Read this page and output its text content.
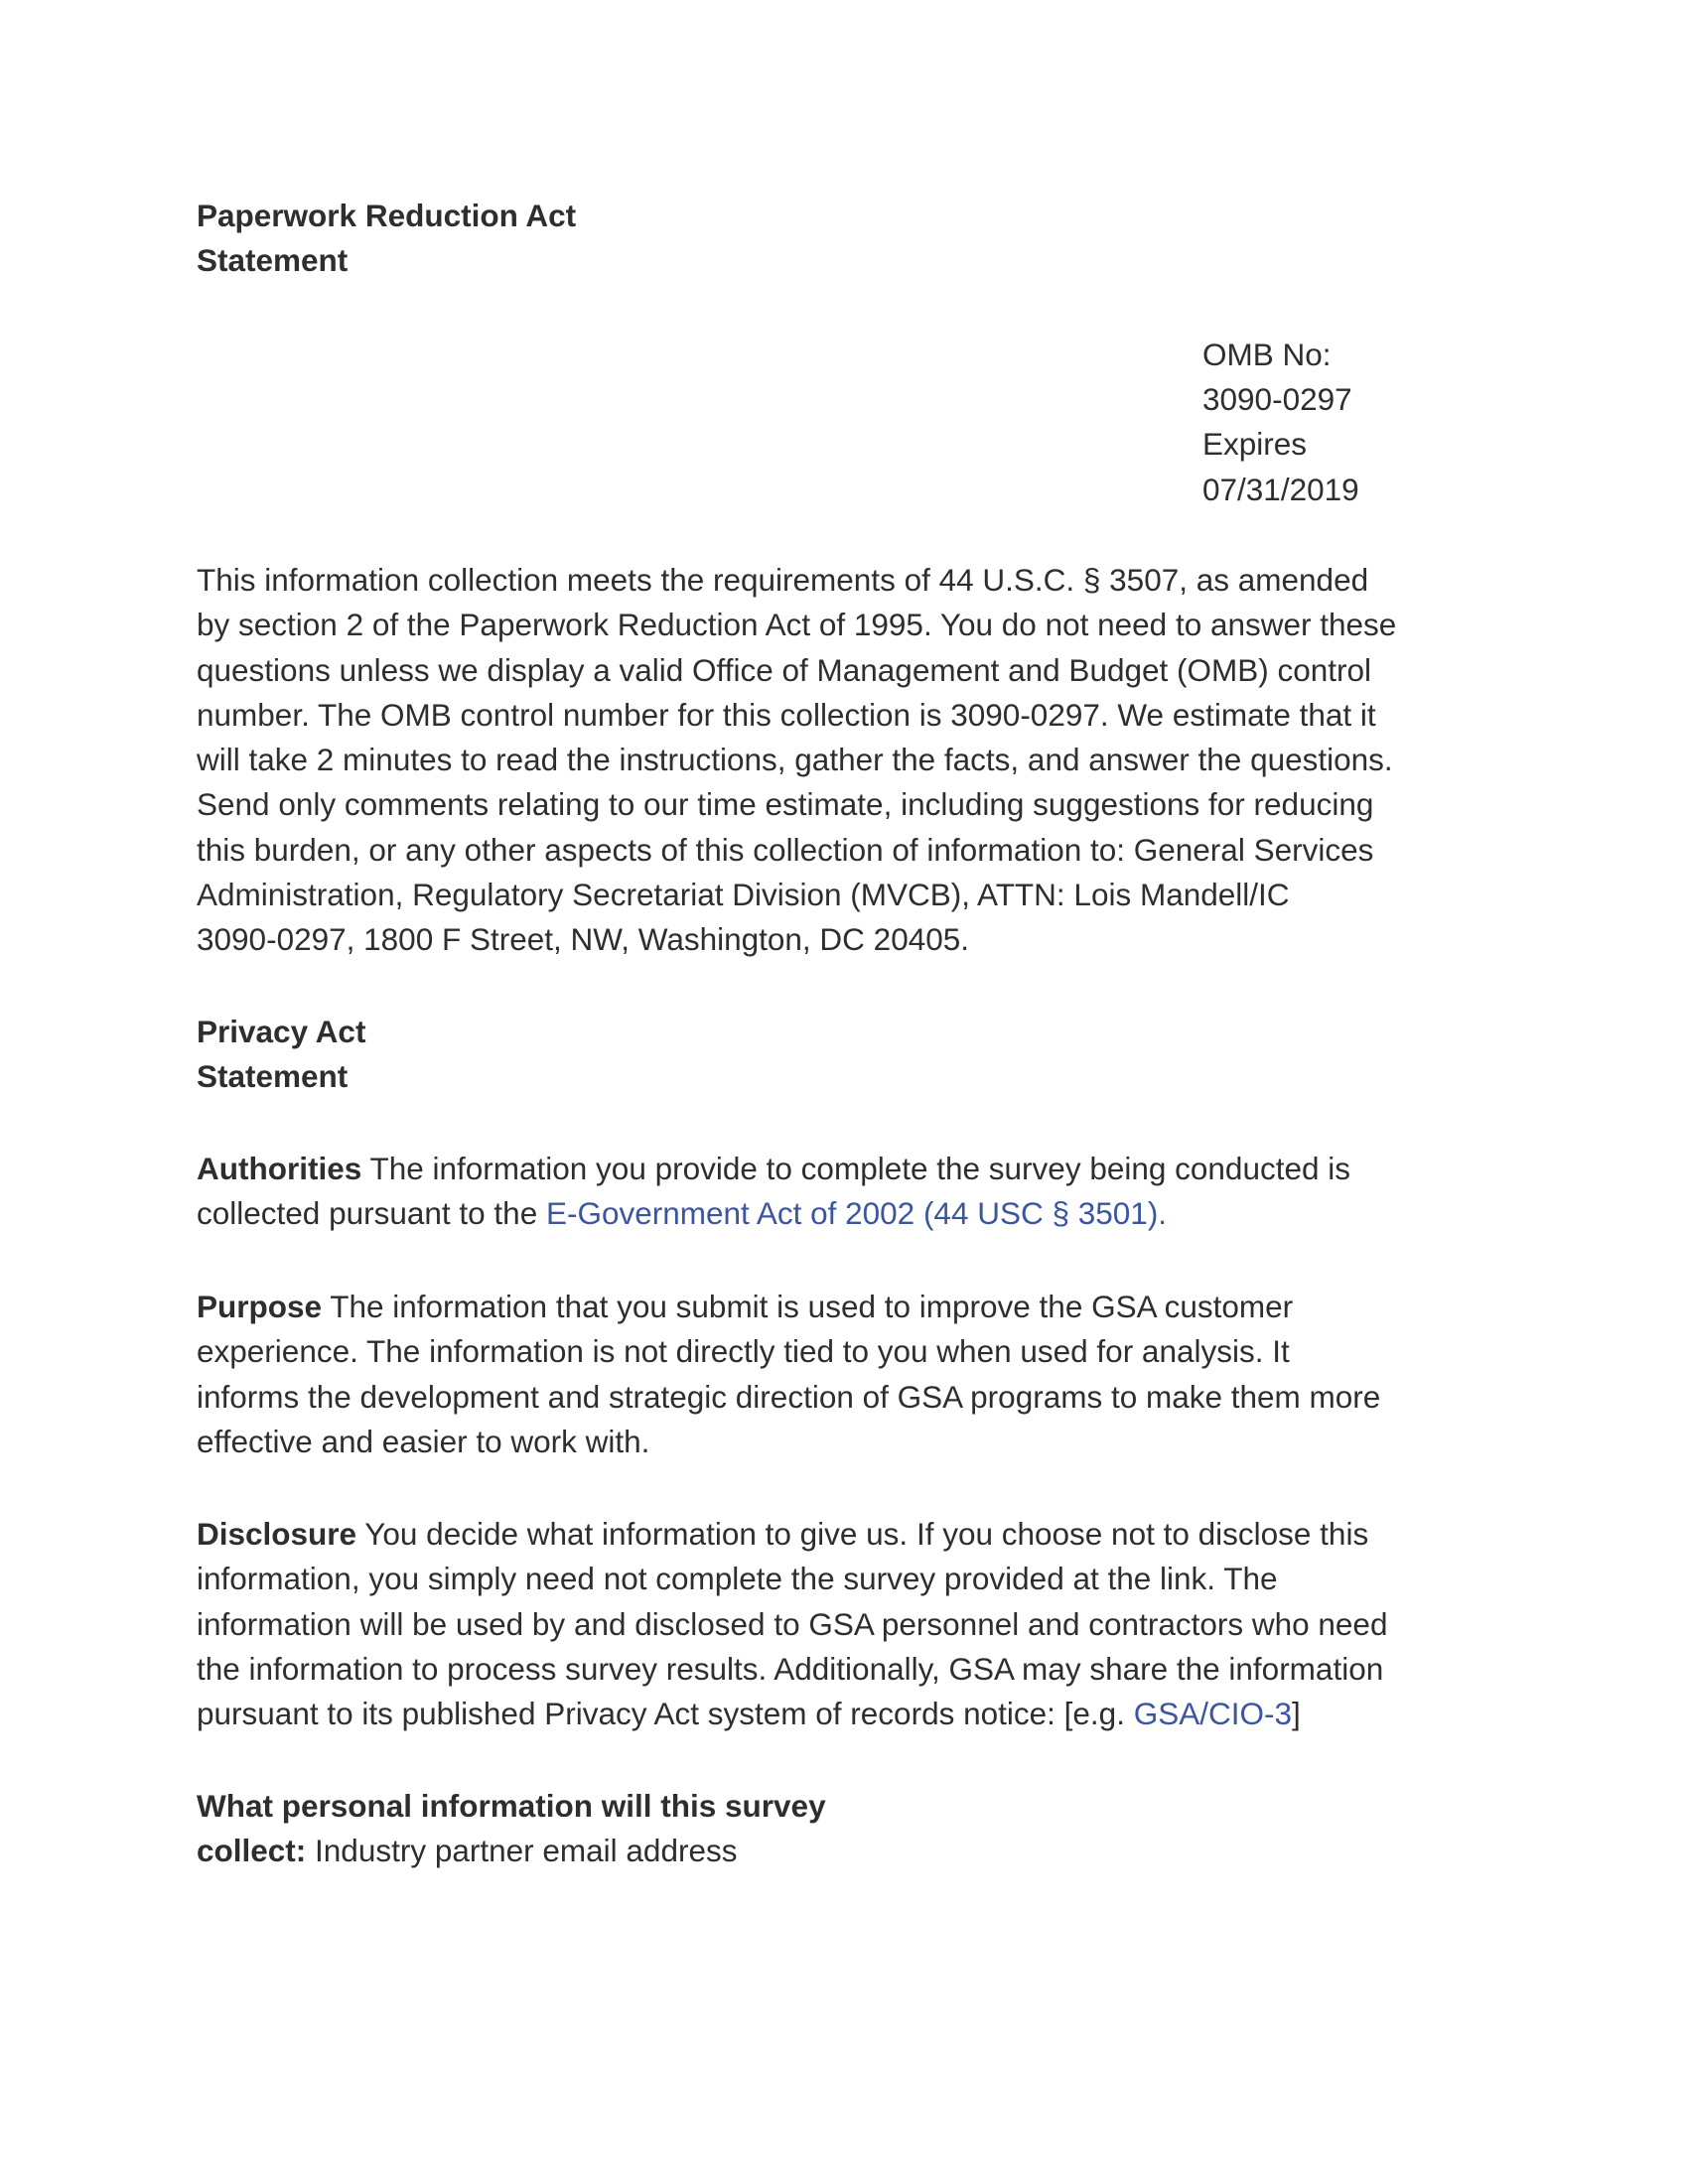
Paperwork Reduction Act
Statement
OMB No:
3090-0297
Expires
07/31/2019
This information collection meets the requirements of 44 U.S.C. § 3507, as amended
by section 2 of the Paperwork Reduction Act of 1995. You do not need to answer these
questions unless we display a valid Office of Management and Budget (OMB) control
number. The OMB control number for this collection is 3090-0297. We estimate that it
will take 2 minutes to read the instructions, gather the facts, and answer the questions.
Send only comments relating to our time estimate, including suggestions for reducing
this burden, or any other aspects of this collection of information to: General Services
Administration, Regulatory Secretariat Division (MVCB), ATTN: Lois Mandell/IC
3090-0297, 1800 F Street, NW, Washington, DC 20405.
Privacy Act
Statement
Authorities The information you provide to complete the survey being conducted is
collected pursuant to the E-Government Act of 2002 (44 USC § 3501).
Purpose The information that you submit is used to improve the GSA customer
experience. The information is not directly tied to you when used for analysis. It
informs the development and strategic direction of GSA programs to make them more
effective and easier to work with.
Disclosure You decide what information to give us. If you choose not to disclose this
information, you simply need not complete the survey provided at the link. The
information will be used by and disclosed to GSA personnel and contractors who need
the information to process survey results. Additionally, GSA may share the information
pursuant to its published Privacy Act system of records notice: [e.g. GSA/CIO-3]
What personal information will this survey
collect: Industry partner email address
